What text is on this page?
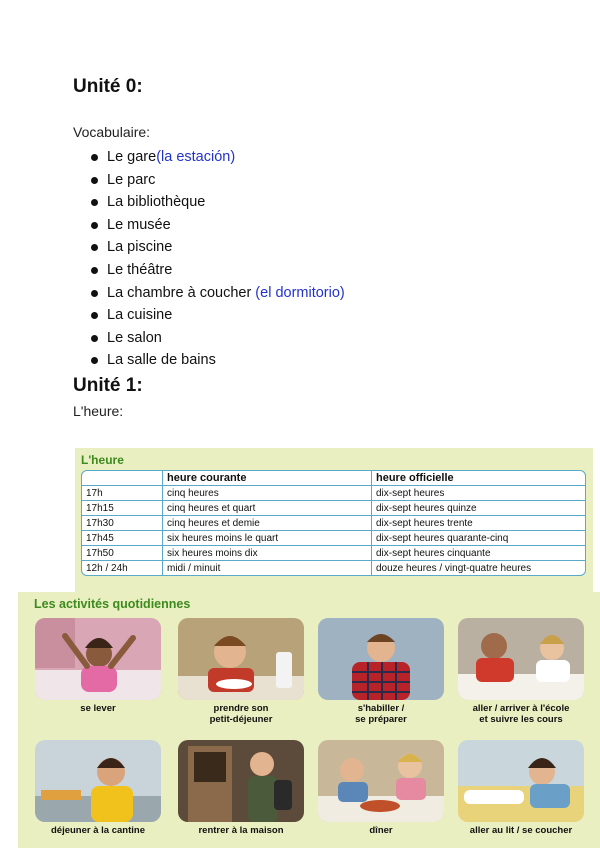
Unité 0:
Vocabulaire:
Le gare(la estación)
Le parc
La bibliothèque
Le musée
La piscine
Le théâtre
La chambre à coucher (el dormitorio)
La cuisine
Le salon
La salle de bains
Unité 1:
L'heure:
L'heure
	heure courante	heure officielle
17h	cinq heures	dix-sept heures
17h15	cinq heures et quart	dix-sept heures quinze
17h30	cinq heures et demie	dix-sept heures trente
17h45	six heures moins le quart	dix-sept heures quarante-cinq
17h50	six heures moins dix	dix-sept heures cinquante
12h / 24h	midi / minuit	douze heures / vingt-quatre heures
Les activités quotidiennes
se lever	prendre son
petit-déjeuner
s'habiller /
se préparer
aller / arriver à l'école
et suivre les cours
déjeuner à la cantine	rentrer à la maison	dîner	aller au lit / se coucher
